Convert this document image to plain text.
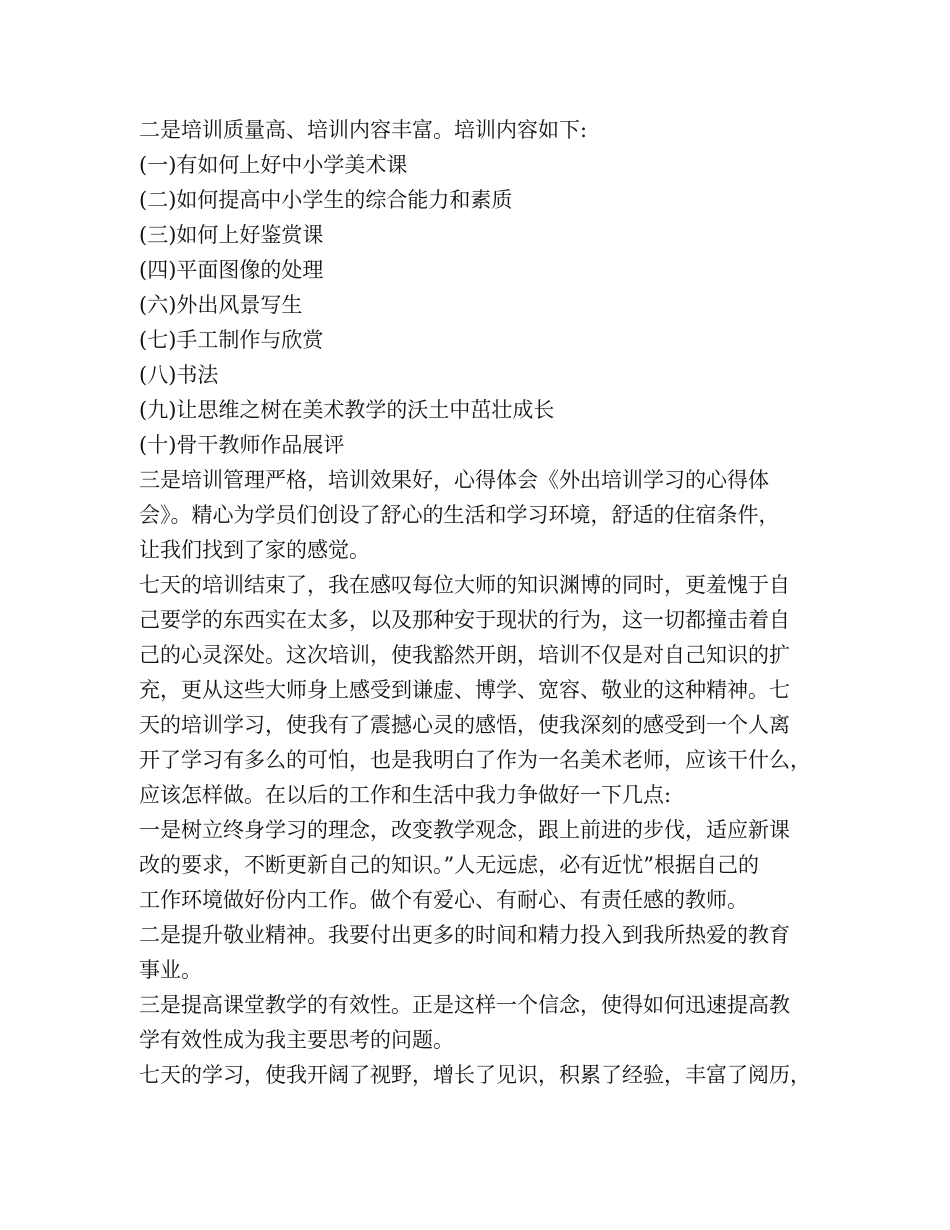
二是培训质量高、培训内容丰富。培训内容如下:
(一)有如何上好中小学美术课
(二)如何提高中小学生的综合能力和素质
(三)如何上好鉴赏课
(四)平面图像的处理
(六)外出风景写生
(七)手工制作与欣赏
(八)书法
(九)让思维之树在美术教学的沃土中茁壮成长
(十)骨干教师作品展评
三是培训管理严格，培训效果好，心得体会《外出培训学习的心得体
会》。精心为学员们创设了舒心的生活和学习环境，舒适的住宿条件，
让我们找到了家的感觉。
七天的培训结束了，我在感叹每位大师的知识渊博的同时，更羞愧于自
己要学的东西实在太多，以及那种安于现状的行为，这一切都撞击着自
己的心灵深处。这次培训，使我豁然开朗，培训不仅是对自己知识的扩
充，更从这些大师身上感受到谦虚、博学、宽容、敬业的这种精神。七
天的培训学习，使我有了震撼心灵的感悟，使我深刻的感受到一个人离
开了学习有多么的可怕，也是我明白了作为一名美术老师，应该干什么，
应该怎样做。在以后的工作和生活中我力争做好一下几点:
一是树立终身学习的理念，改变教学观念，跟上前进的步伐，适应新课
改的要求，不断更新自己的知识。”人无远虑，必有近忧”根据自己的
工作环境做好份内工作。做个有爱心、有耐心、有责任感的教师。
二是提升敬业精神。我要付出更多的时间和精力投入到我所热爱的教育
事业。
三是提高课堂教学的有效性。正是这样一个信念，使得如何迅速提高教
学有效性成为我主要思考的问题。
七天的学习，使我开阔了视野，增长了见识，积累了经验，丰富了阅历，
